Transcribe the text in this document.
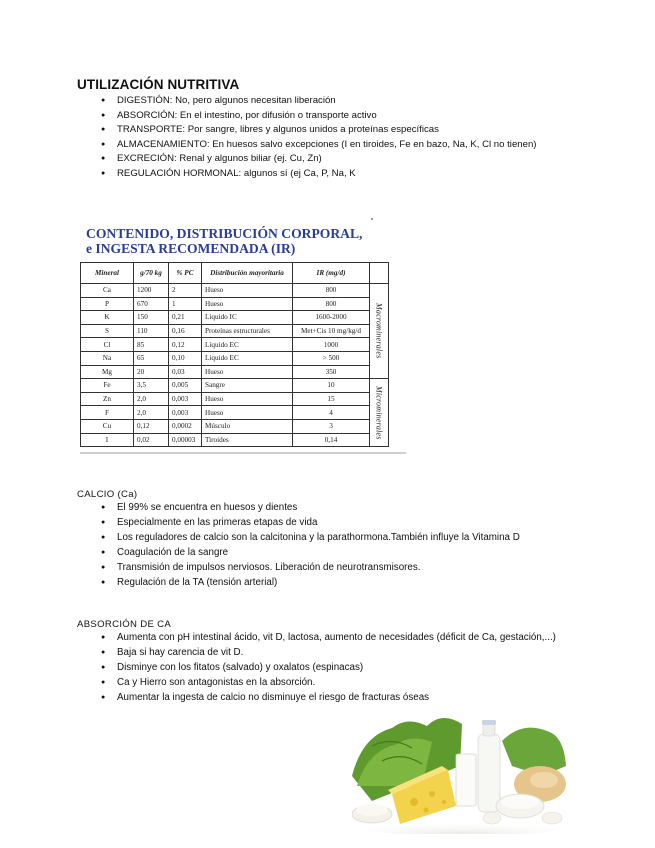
UTILIZACIÓN NUTRITIVA
● DIGESTIÓN: No, pero algunos necesitan liberación
● ABSORCIÓN: En el intestino, por difusión o transporte activo
● TRANSPORTE: Por sangre, libres y algunos unidos a proteínas específicas
● ALMACENAMIENTO: En huesos salvo excepciones (I en tiroides, Fe en bazo, Na, K, Cl no tienen)
● EXCRECIÓN: Renal y algunos biliar (ej. Cu, Zn)
● REGULACIÓN HORMONAL: algunos sí (ej Ca, P, Na, K
CONTENIDO, DISTRIBUCIÓN CORPORAL,
e INGESTA RECOMENDADA (IR)
Mineral	g/70 kg	% PC	Distribución mayoritaria	IR (mg/d)	
Ca	1200	2	Hueso	800	Macrominerales

P	670	1	Hueso	800	
K	150	0,21	Líquido IC	1600-2000	
S	110	0,16	Proteínas estructurales	Met+Cis 10 mg/kg/d	
Cl	85	0,12	Líquido EC	1000	
Na	65	0,10	Líquido EC	> 500	
Mg	20	0,03	Hueso	350	
Fe	3,5	0,005	Sangre	10	Microminerales

Zn	2,0	0,003	Hueso	15	
F	2,0	0,003	Hueso	4	
Cu	0,12	0,0002	Músculo	3	
I	0,02	0,00003	Tiroides	0,14	
CALCIO (Ca)
● El 99% se encuentra en huesos y dientes
● Especialmente en las primeras etapas de vida
● Los reguladores de calcio son la calcitonina y la parathormona.También influye la Vitamina D
● Coagulación de la sangre
● Transmisión de impulsos nerviosos. Liberación de neurotransmisores.
● Regulación de la TA (tensión arterial)
ABSORCIÓN DE CA
● Aumenta con pH intestinal ácido, vit D, lactosa, aumento de necesidades (déficit de Ca, gestación,...)
● Baja si hay carencia de vit D.
● Disminye con los fitatos (salvado) y oxalatos (espinacas)
● Ca y Hierro son antagonistas en la absorción.
● Aumentar la ingesta de calcio no disminuye el riesgo de fracturas óseas
